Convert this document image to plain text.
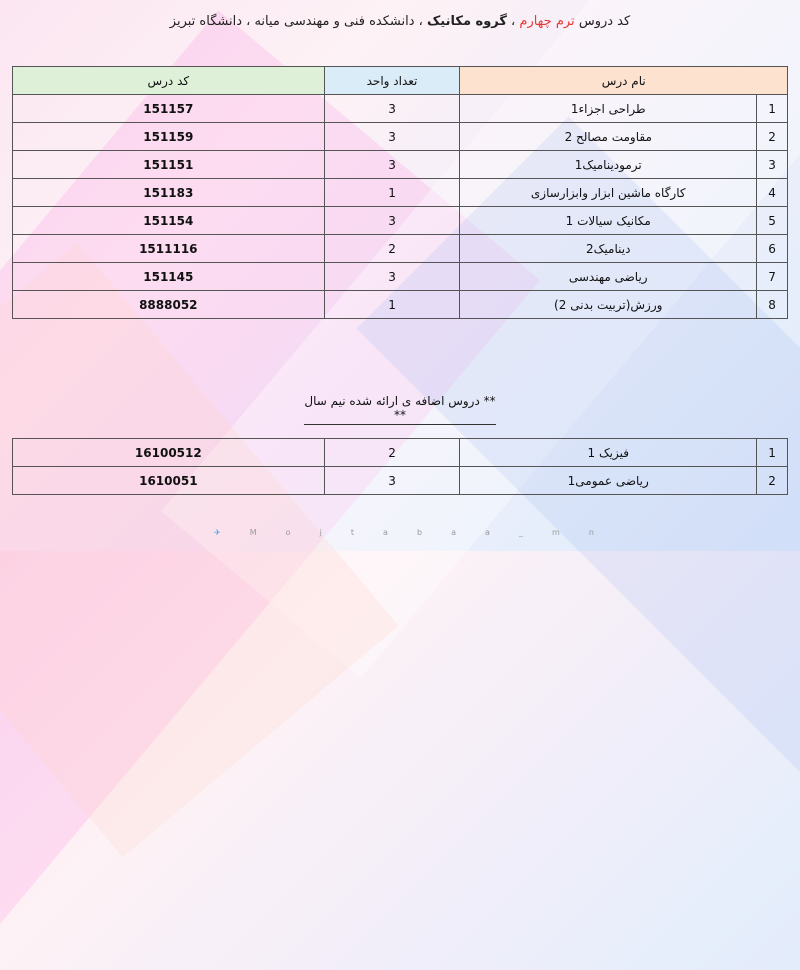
کد دروس ترم چهارم ، گروه مکانیک ، دانشکده فنی و مهندسی میانه ، دانشگاه تبریز
نام درس		تعداد واحد	کد درس
1	طراحی اجزاء1	3	151157
2	مقاومت مصالح 2	3	151159
3	ترمودینامیک1	3	151151
4	کارگاه ماشین ابزار وابزارسازی	1	151183
5	مکانیک سیالات 1	3	151154
6	دینامیک2	2	1511116
7	ریاضی مهندسی	3	151145
8	ورزش(تربیت بدنی 2)	1	8888052
** دروس اضافه ی ارائه شده نیم سال **
1	فیزیک 1	2	16100512
2	ریاضی عمومی1	3	1610051
✈	M	o	j	t	a	b	a	a	_	m	n
